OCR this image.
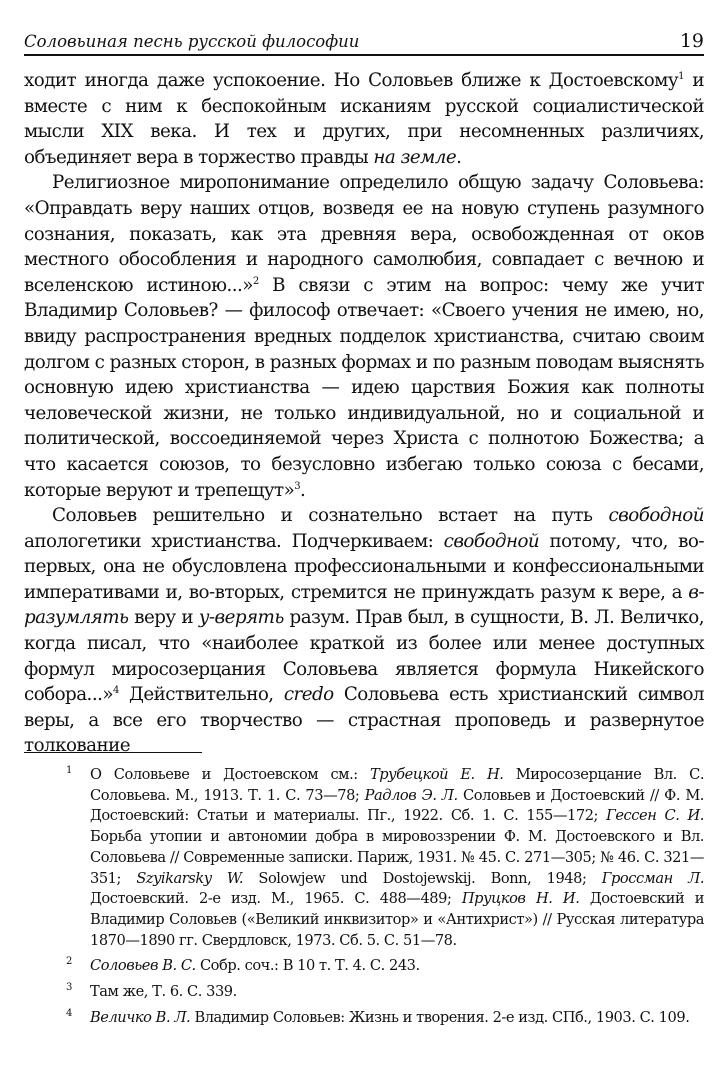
Соловьиная песнь русской философии	19

ходит иногда даже успокоение. Но Соловьев ближе к Достоевскому$^1$ и вместе с ним к беспокойным исканиям русской социалистической мысли XIX века. И тех и других, при несомненных различиях, объединяет вера в торжество правды на земле.

Религиозное миропонимание определило общую задачу Соловьева: «Оправдать веру наших отцов, возведя ее на новую ступень разумного сознания, показать, как эта древняя вера, освобожденная от оков местного обособления и народного самолюбия, совпадает с вечною и вселенскою истиною...»$^2$ В связи с этим на вопрос: чему же учит Владимир Соловьев? — философ отвечает: «Своего учения не имею, но, ввиду распространения вредных подделок христианства, считаю своим долгом с разных сторон, в разных формах и по разным поводам выяснять основную идею христианства — идею царствия Божия как полноты человеческой жизни, не только индивидуальной, но и социальной и политической, воссоединяемой через Христа с полнотою Божества; а что касается союзов, то безусловно избегаю только союза с бесами, которые веруют и трепещут»$^3$.

Соловьев решительно и сознательно встает на путь свободной апологетики христианства. Подчеркиваем: свободной потому, что, во-первых, она не обусловлена профессиональными и конфессиональными императивами и, во-вторых, стремится не принуждать разум к вере, а в-разумлять веру и у-верять разум. Прав был, в сущности, В. Л. Величко, когда писал, что «наиболее краткой из более или менее доступных формул миросозерцания Соловьева является формула Никейского собора...»$^4$ Действительно, credo Соловьева есть христианский символ веры, а все его творчество — страстная проповедь и развернутое толкование

1 О Соловьеве и Достоевском см.: Трубецкой Е. Н. Миросозерцание Вл. С. Соловьева. М., 1913. Т. 1. С. 73—78; Радлов Э. Л. Соловьев и Достоевский // Ф. М. Достоевский: Статьи и материалы. Пг., 1922. Сб. 1. С. 155—172; Гессен С. И. Борьба утопии и автономии добра в мировоззрении Ф. М. Достоевского и Вл. Соловьева // Современные записки. Париж, 1931. № 45. С. 271—305; № 46. С. 321—351; Szyikarsky W. Solowjew und Dostojewskij. Bonn, 1948; Гроссман Л. Достоевский. 2-е изд. М., 1965. С. 488—489; Пруцков Н. И. Достоевский и Владимир Соловьев («Великий инквизитор» и «Антихрист») // Русская литература 1870—1890 гг. Свердловск, 1973. Сб. 5. С. 51—78.

2 Соловьев В. С. Собр. соч.: В 10 т. Т. 4. С. 243.

3 Там же, Т. 6. С. 339.

4 Величко В. Л. Владимир Соловьев: Жизнь и творения. 2-е изд. СПб., 1903. С. 109.
